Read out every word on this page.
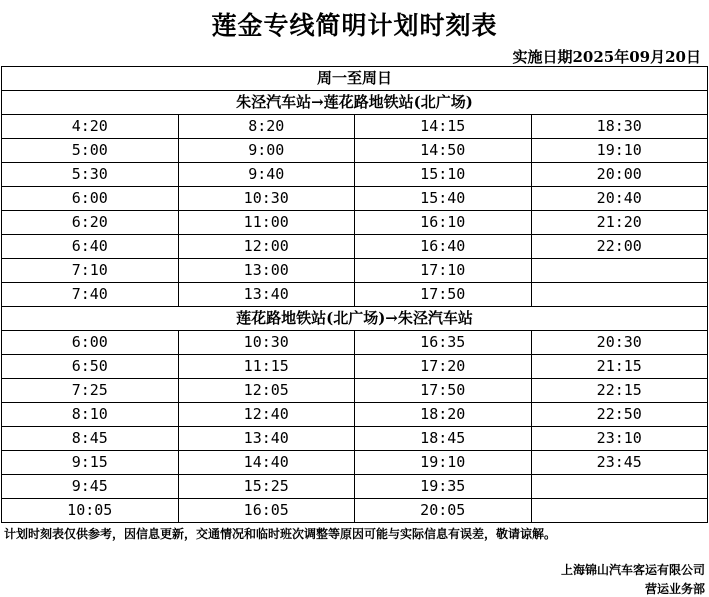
莲金专线简明计划时刻表
实施日期2025年09月20日
周一至周日			
朱泾汽车站→莲花路地铁站(北广场)			
4:20	8:20	14:15	18:30
5:00	9:00	14:50	19:10
5:30	9:40	15:10	20:00
6:00	10:30	15:40	20:40
6:20	11:00	16:10	21:20
6:40	12:00	16:40	22:00
7:10	13:00	17:10	
7:40	13:40	17:50	
莲花路地铁站(北广场)→朱泾汽车站			
6:00	10:30	16:35	20:30
6:50	11:15	17:20	21:15
7:25	12:05	17:50	22:15
8:10	12:40	18:20	22:50
8:45	13:40	18:45	23:10
9:15	14:40	19:10	23:45
9:45	15:25	19:35	
10:05	16:05	20:05	
计划时刻表仅供参考，因信息更新，交通情况和临时班次调整等原因可能与实际信息有误差，敬请谅解。
上海锦山汽车客运有限公司
营运业务部
